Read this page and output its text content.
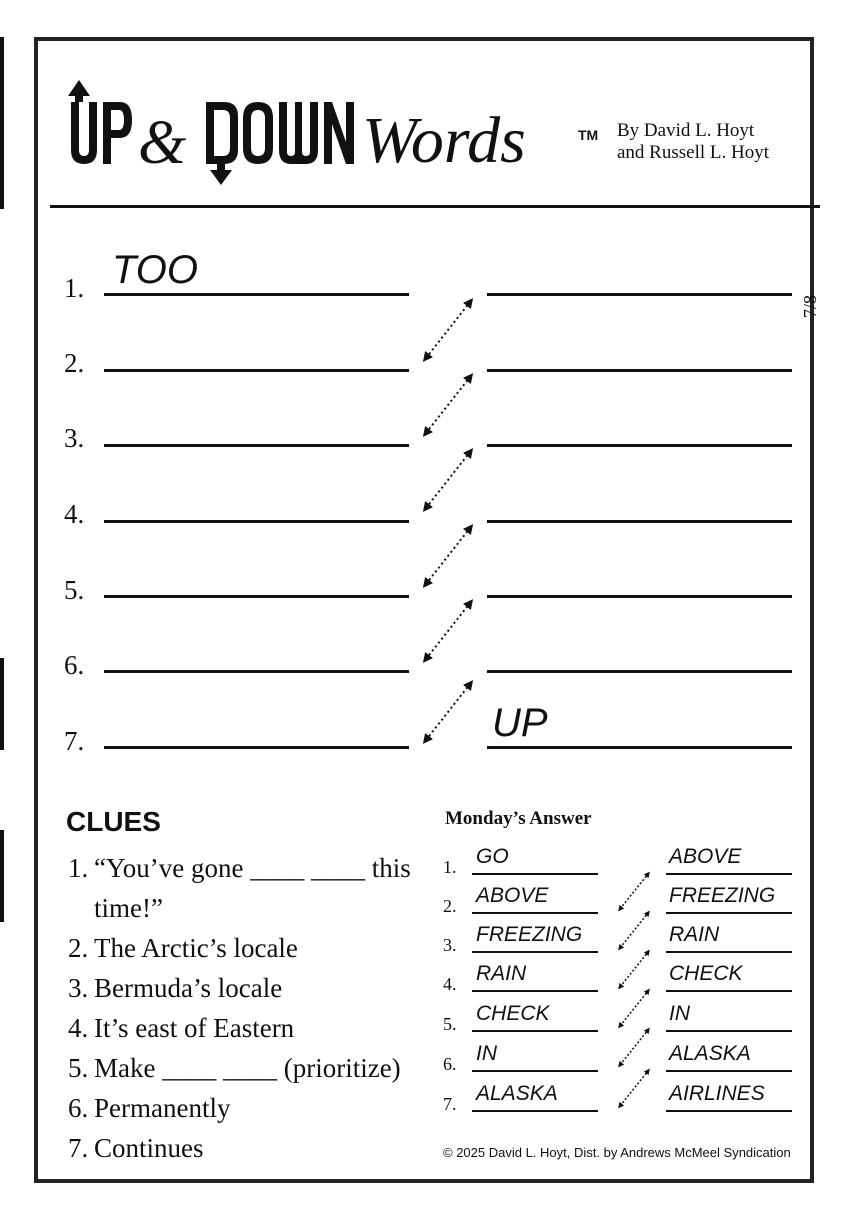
&	Words	TM By David L. Hoyt
and Russell L. Hoyt
7/8
1.
2.
3.
4.
5.
6.
7.
TOO
UP
CLUES
1. “You’ve gone ____ ____ this
time!”
2. The Arctic’s locale
3. Bermuda’s locale
4. It’s east of Eastern
5. Make ____ ____ (prioritize)
6. Permanently
7. Continues
Monday’s Answer
1.
2.
3.
4.
5.
6.
7.
GO
ABOVE
FREEZING
RAIN
CHECK
IN
ALASKA
ABOVE
FREEZING
RAIN
CHECK
IN
ALASKA
AIRLINES
© 2025 David L. Hoyt, Dist. by Andrews McMeel Syndication
